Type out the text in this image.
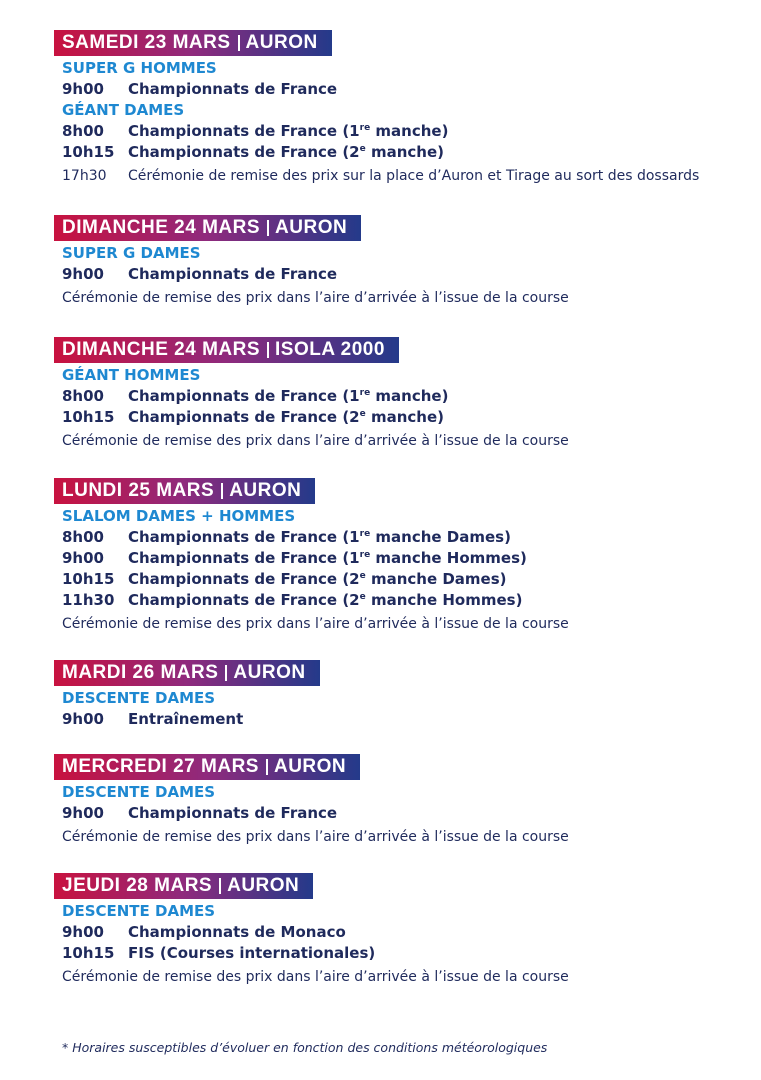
SAMEDI 23 MARS AURON
SUPER G HOMMES
9h00 Championnats de France
GÉANT DAMES
8h00 Championnats de France (1re manche)
10h15 Championnats de France (2e manche)
17h30 Cérémonie de remise des prix sur la place d’Auron et Tirage au sort des dossards
DIMANCHE 24 MARS AURON
SUPER G DAMES
9h00 Championnats de France
Cérémonie de remise des prix dans l’aire d’arrivée à l’issue de la course
DIMANCHE 24 MARS ISOLA 2000
GÉANT HOMMES
8h00 Championnats de France (1re manche)
10h15 Championnats de France (2e manche)
Cérémonie de remise des prix dans l’aire d’arrivée à l’issue de la course
LUNDI 25 MARS AURON
SLALOM DAMES + HOMMES
8h00 Championnats de France (1re manche Dames)
9h00 Championnats de France (1re manche Hommes)
10h15 Championnats de France (2e manche Dames)
11h30 Championnats de France (2e manche Hommes)
Cérémonie de remise des prix dans l’aire d’arrivée à l’issue de la course
MARDI 26 MARS AURON
DESCENTE DAMES
9h00 Entraînement
MERCREDI 27 MARS AURON
DESCENTE DAMES
9h00 Championnats de France
Cérémonie de remise des prix dans l’aire d’arrivée à l’issue de la course
JEUDI 28 MARS AURON
DESCENTE DAMES
9h00 Championnats de Monaco
10h15 FIS (Courses internationales)
Cérémonie de remise des prix dans l’aire d’arrivée à l’issue de la course
* Horaires susceptibles d’évoluer en fonction des conditions météorologiques
